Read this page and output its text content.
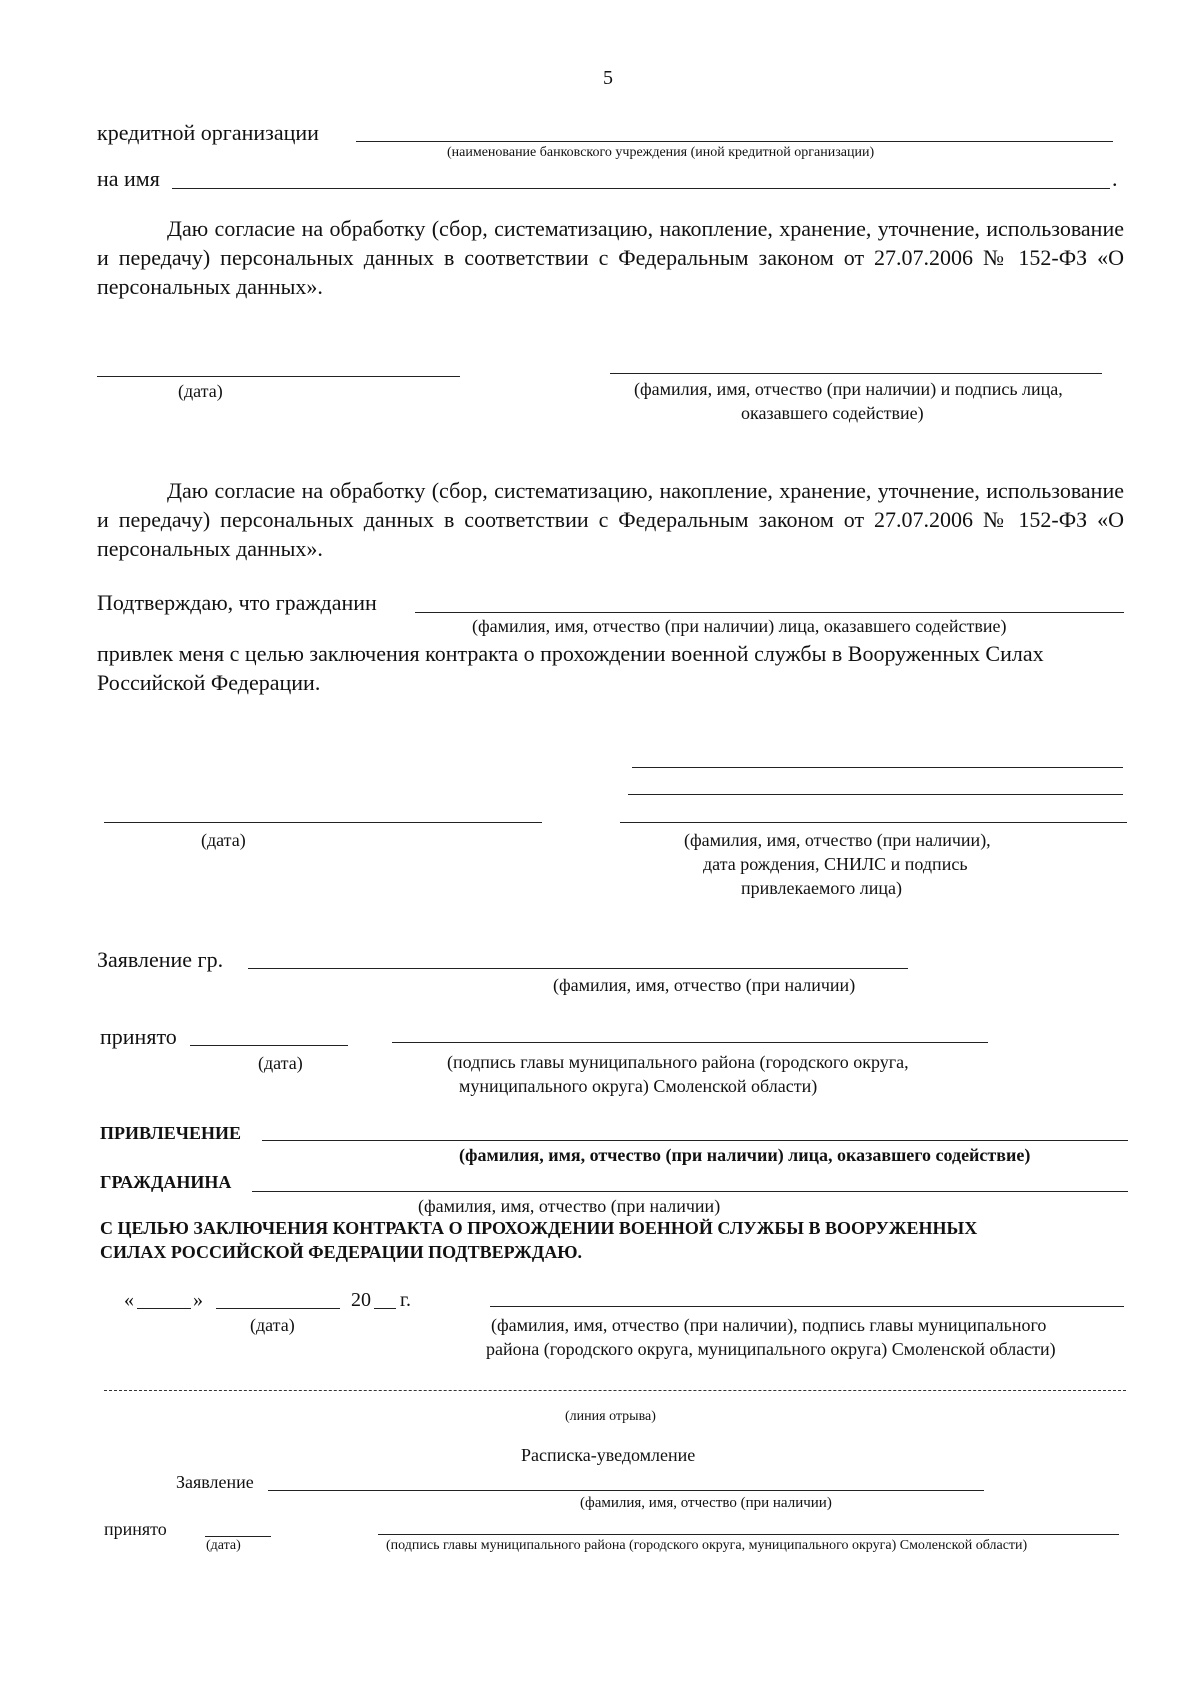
5
кредитной организации
(наименование банковского учреждения (иной кредитной организации)
на имя	.
Даю согласие на обработку (сбор, систематизацию, накопление, хранение, уточнение, использование и передачу) персональных данных в соответствии с Федеральным законом от 27.07.2006 № 152-ФЗ «О персональных данных».
(дата)	(фамилия, имя, отчество (при наличии) и подпись лица,
оказавшего содействие)
Даю согласие на обработку (сбор, систематизацию, накопление, хранение, уточнение, использование и передачу) персональных данных в соответствии с Федеральным законом от 27.07.2006 № 152-ФЗ «О персональных данных».
Подтверждаю, что гражданин
(фамилия, имя, отчество (при наличии) лица, оказавшего содействие)
привлек меня с целью заключения контракта о прохождении военной службы в Вооруженных Силах
Российской Федерации.
(дата)	(фамилия, имя, отчество (при наличии),
дата рождения, СНИЛС и подпись
привлекаемого лица)
Заявление гр.
(фамилия, имя, отчество (при наличии)
принято
(дата)	(подпись главы муниципального района (городского округа,
муниципального округа) Смоленской области)
ПРИВЛЕЧЕНИЕ
(фамилия, имя, отчество (при наличии) лица, оказавшего содействие)
ГРАЖДАНИНА
(фамилия, имя, отчество (при наличии)
С ЦЕЛЬЮ ЗАКЛЮЧЕНИЯ КОНТРАКТА О ПРОХОЖДЕНИИ ВОЕННОЙ СЛУЖБЫ В ВООРУЖЕННЫХ
СИЛАХ РОССИЙСКОЙ ФЕДЕРАЦИИ ПОДТВЕРЖДАЮ.
«	»	20 г.
(дата)	(фамилия, имя, отчество (при наличии), подпись главы муниципального
района (городского округа, муниципального округа) Смоленской области)
(линия отрыва)
Расписка-уведомление
Заявление
(фамилия, имя, отчество (при наличии)
принято
(дата)	(подпись главы муниципального района (городского округа, муниципального округа) Смоленской области)
